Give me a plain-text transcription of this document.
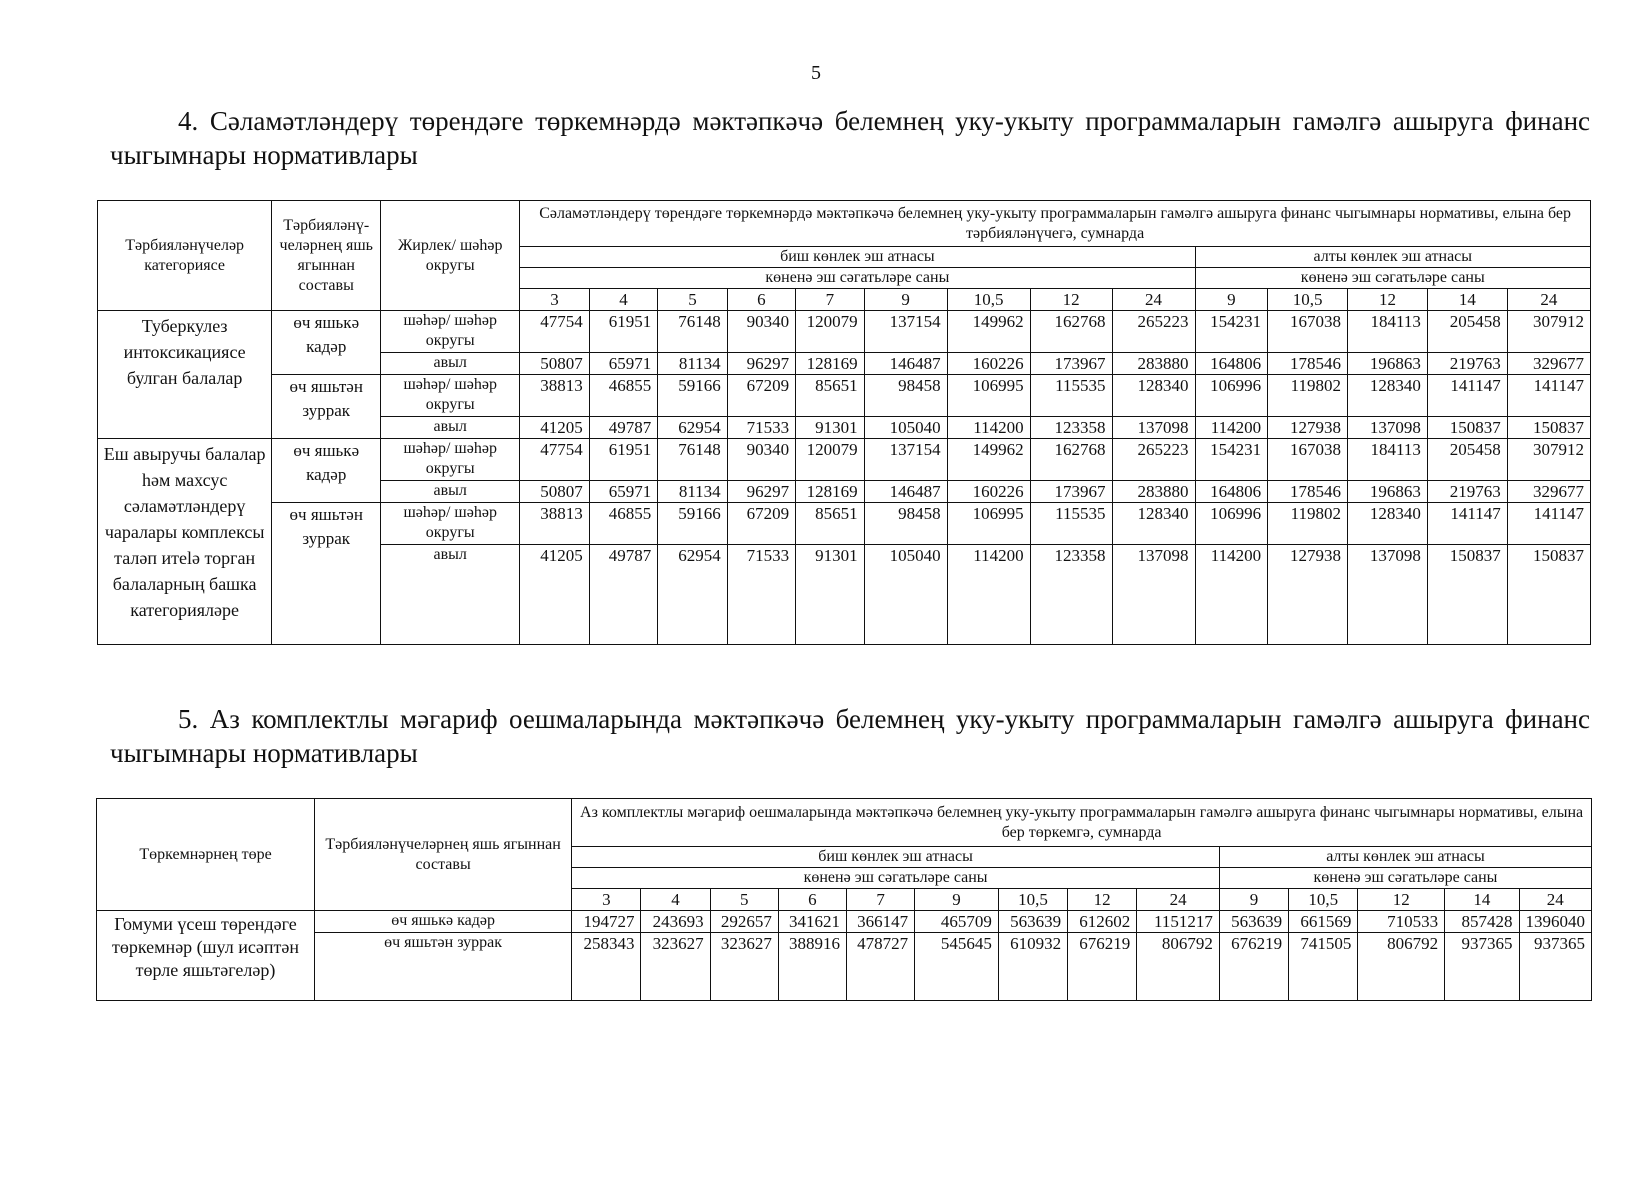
5
4. Сәламәтләндерү төрендәге төркемнәрдә мәктәпкәчә белемнең уку-укыту программаларын гамәлгә ашыруга финанс чыгымнары нормативлары
Тәрбияләнүчеләр категориясе	Тәрбияләнү-челәрнең яшь ягыннан составы	Жирлек/ шәһәр округы	Сәламәтләндерү төрендәге төркемнәрдә мәктәпкәчә белемнең уку-укыту программаларын гамәлгә ашыруга финанс чыгымнары нормативы, елына бер тәрбияләнүчегә, сумнарда													
			биш көнлек эш атнасы									алты көнлек эш атнасы				
			көненә эш сәгатьләре саны									көненә эш сәгатьләре саны				
			3	4	5	6	7	9	10,5	12	24	9	10,5	12	14	24
Туберкулез интоксикациясе булган балалар	өч яшькә кадәр	шәһәр/ шәһәр округы	47754	61951	76148	90340	120079	137154	149962	162768	265223	154231	167038	184113	205458	307912
		авыл	50807	65971	81134	96297	128169	146487	160226	173967	283880	164806	178546	196863	219763	329677
	өч яшьтән зуррак	шәһәр/ шәһәр округы	38813	46855	59166	67209	85651	98458	106995	115535	128340	106996	119802	128340	141147	141147
		авыл	41205	49787	62954	71533	91301	105040	114200	123358	137098	114200	127938	137098	150837	150837
Еш авыручы балалар һәм махсус сәламәтләндерү чаралары комплексы таләп итеlә торган балаларның башка категорияләре	өч яшькә кадәр	шәһәр/ шәһәр округы	47754	61951	76148	90340	120079	137154	149962	162768	265223	154231	167038	184113	205458	307912
		авыл	50807	65971	81134	96297	128169	146487	160226	173967	283880	164806	178546	196863	219763	329677
	өч яшьтән зуррак	шәһәр/ шәһәр округы	38813	46855	59166	67209	85651	98458	106995	115535	128340	106996	119802	128340	141147	141147
		авыл	41205	49787	62954	71533	91301	105040	114200	123358	137098	114200	127938	137098	150837	150837
5. Аз комплектлы мәгариф оешмаларында мәктәпкәчә белемнең уку-укыту программаларын гамәлгә ашыруга финанс чыгымнары нормативлары
Төркемнәрнең төре	Тәрбияләнүчеләрнең яшь ягыннан составы	Аз комплектлы мәгариф оешмаларында мәктәпкәчә белемнең уку-укыту программаларын гамәлгә ашыруга финанс чыгымнары нормативы, елына бер төркемгә, сумнарда													
		биш көнлек эш атнасы									алты көнлек эш атнасы				
		көненә эш сәгатьләре саны									көненә эш сәгатьләре саны				
		3	4	5	6	7	9	10,5	12	24	9	10,5	12	14	24
Гомуми үсеш төрендәге төркемнәр (шул исәптән төрле яшьтәгеләр)	өч яшькә кадәр	194727	243693	292657	341621	366147	465709	563639	612602	1151217	563639	661569	710533	857428	1396040
	өч яшьтән зуррак	258343	323627	323627	388916	478727	545645	610932	676219	806792	676219	741505	806792	937365	937365
